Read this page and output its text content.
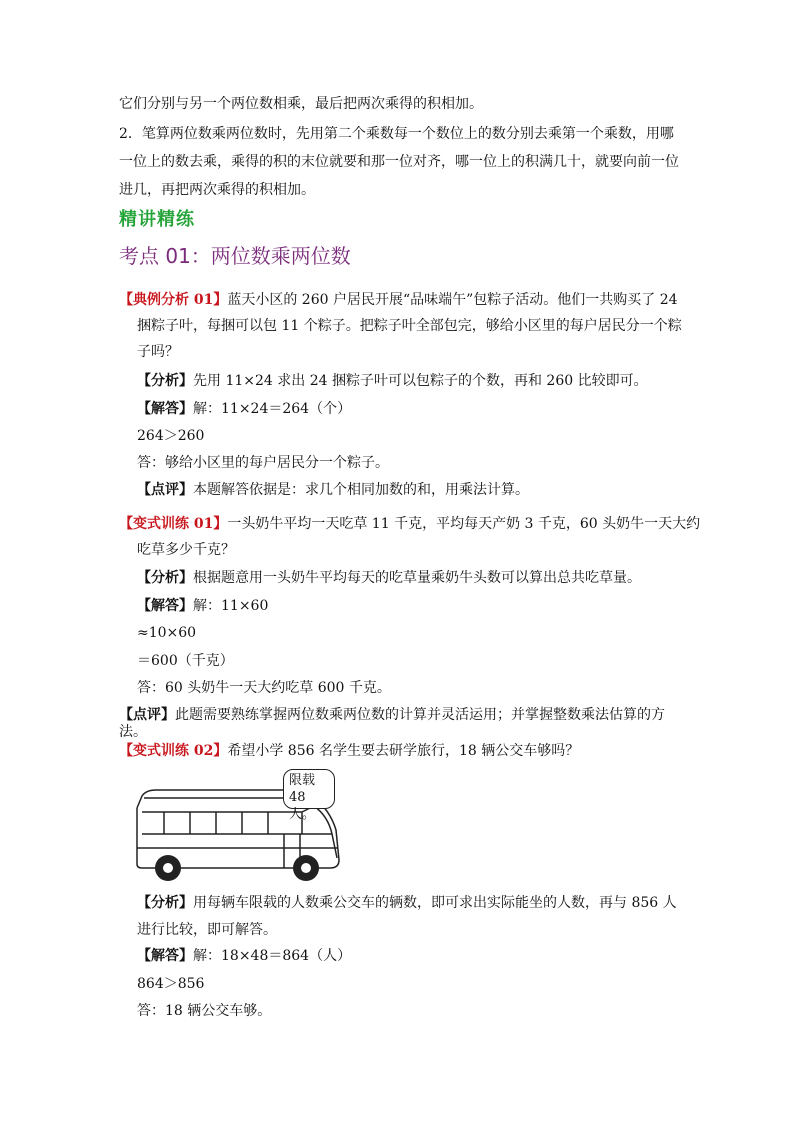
它们分别与另一个两位数相乘，最后把两次乘得的积相加。
2．笔算两位数乘两位数时，先用第二个乘数每一个数位上的数分别去乘第一个乘数，用哪
一位上的数去乘，乘得的积的末位就要和那一位对齐，哪一位上的积满几十，就要向前一位
进几，再把两次乘得的积相加。
精讲精练
考点 01：两位数乘两位数
【典例分析 01】蓝天小区的 260 户居民开展“品味端午”包粽子活动。他们一共购买了 24
捆粽子叶，每捆可以包 11 个粽子。把粽子叶全部包完，够给小区里的每户居民分一个粽
子吗？
【分析】先用 11×24 求出 24 捆粽子叶可以包粽子的个数，再和 260 比较即可。
【解答】解：11×24＝264（个）
264＞260
答：够给小区里的每户居民分一个粽子。
【点评】本题解答依据是：求几个相同加数的和，用乘法计算。
【变式训练 01】一头奶牛平均一天吃草 11 千克，平均每天产奶 3 千克，60 头奶牛一天大约
吃草多少千克？
【分析】根据题意用一头奶牛平均每天的吃草量乘奶牛头数可以算出总共吃草量。
【解答】解：11×60
≈10×60
＝600（千克）
答：60 头奶牛一天大约吃草 600 千克。
【点评】此题需要熟练掌握两位数乘两位数的计算并灵活运用；并掌握整数乘法估算的方
法。
【变式训练 02】希望小学 856 名学生要去研学旅行，18 辆公交车够吗？
限载
48人。
【分析】用每辆车限载的人数乘公交车的辆数，即可求出实际能坐的人数，再与 856 人
进行比较，即可解答。
【解答】解：18×48＝864（人）
864＞856
答：18 辆公交车够。
